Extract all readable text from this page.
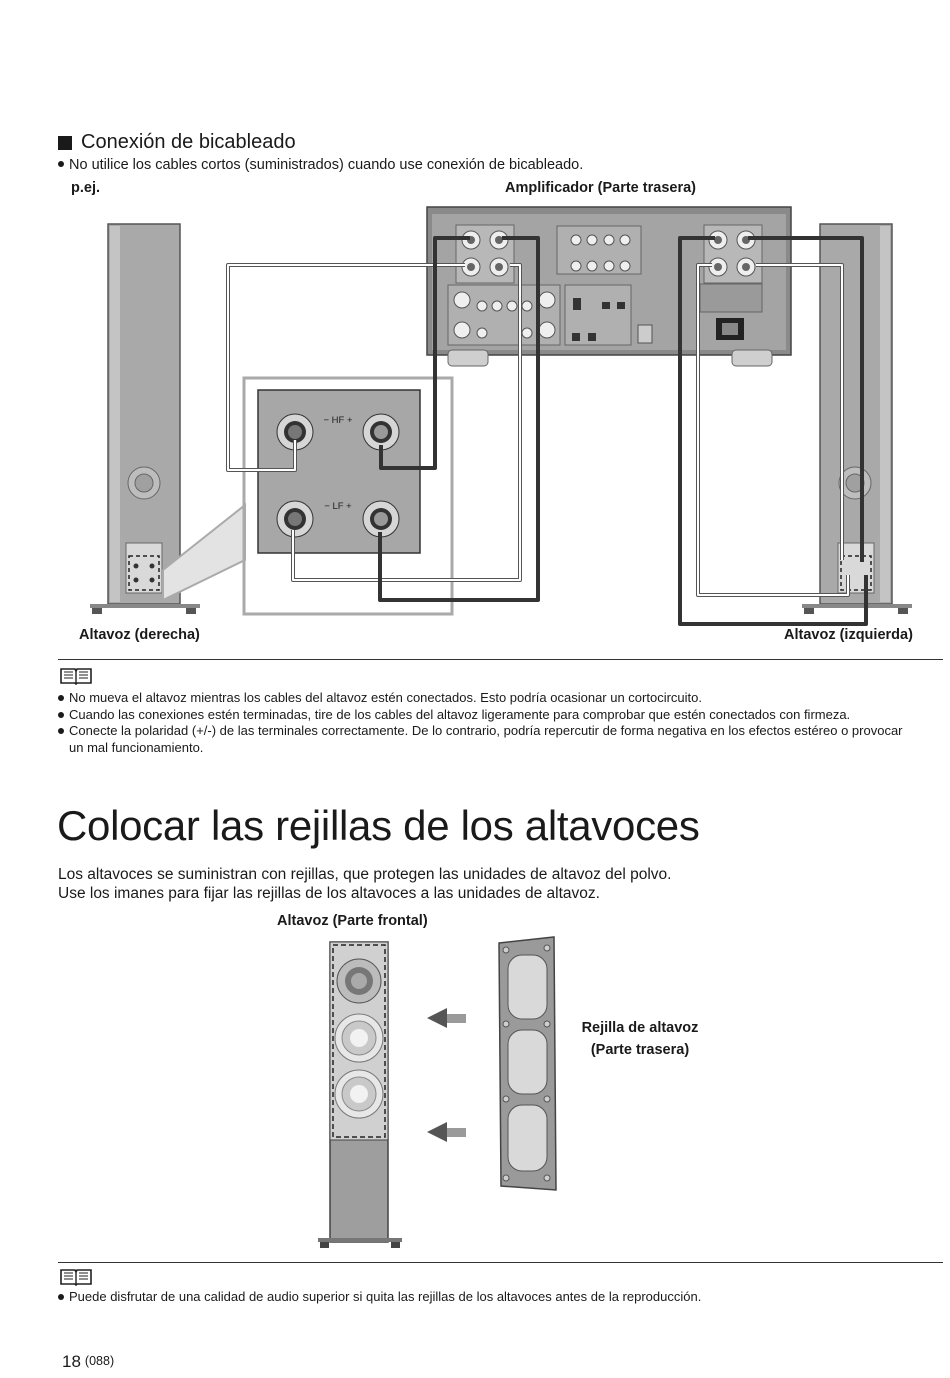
Conexión de bicableado
No utilice los cables cortos (suministrados) cuando use conexión de bicableado.
p.ej.	Amplificador (Parte trasera)
− HF +
− LF +
Altavoz (derecha)	Altavoz (izquierda)
No mueva el altavoz mientras los cables del altavoz estén conectados. Esto podría ocasionar un cortocircuito.
Cuando las conexiones estén terminadas, tire de los cables del altavoz ligeramente para comprobar que estén conectados con firmeza.
Conecte la polaridad (+/-) de las terminales correctamente. De lo contrario, podría repercutir de forma negativa en los efectos estéreo o provocar un mal funcionamiento.
Colocar las rejillas de los altavoces
Los altavoces se suministran con rejillas, que protegen las unidades de altavoz del polvo.
Use los imanes para fijar las rejillas de los altavoces a las unidades de altavoz.
Altavoz (Parte frontal)
Rejilla de altavoz
(Parte trasera)
Puede disfrutar de una calidad de audio superior si quita las rejillas de los altavoces antes de la reproducción.
18 (088)
